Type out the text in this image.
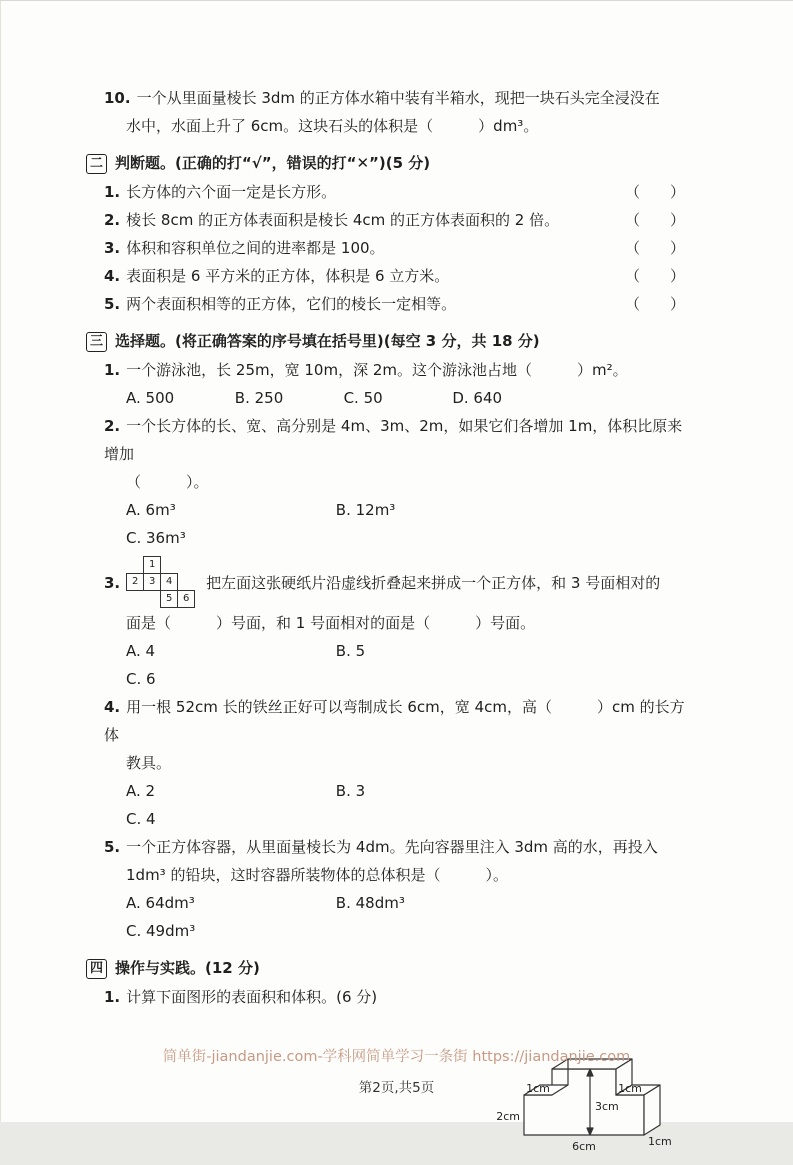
10. 一个从里面量棱长 3dm 的正方体水箱中装有半箱水，现把一块石头完全浸没在
水中，水面上升了 6cm。这块石头的体积是（　　　）dm³。
二 判断题。(正确的打“√”，错误的打“✕”)(5 分)
1. 长方体的六个面一定是长方形。	（　　）
2. 棱长 8cm 的正方体表面积是棱长 4cm 的正方体表面积的 2 倍。	（　　）
3. 体积和容积单位之间的进率都是 100。	（　　）
4. 表面积是 6 平方米的正方体，体积是 6 立方米。	（　　）
5. 两个表面积相等的正方体，它们的棱长一定相等。	（　　）
三 选择题。(将正确答案的序号填在括号里)(每空 3 分，共 18 分)
1. 一个游泳池，长 25m，宽 10m，深 2m。这个游泳池占地（　　　）m²。
A. 500	B. 250	C. 50	D. 640
2. 一个长方体的长、宽、高分别是 4m、3m、2m，如果它们各增加 1m，体积比原来增加
（　　　）。
A. 6m³	B. 12m³ C. 36m³
3.
1
2	3	4
5	6
把左面这张硬纸片沿虚线折叠起来拼成一个正方体，和 3 号面相对的
面是（　　　）号面，和 1 号面相对的面是（　　　）号面。
A. 4	B. 5 C. 6
4. 用一根 52cm 长的铁丝正好可以弯制成长 6cm，宽 4cm，高（　　　）cm 的长方体
教具。
A. 2	B. 3 C. 4
5. 一个正方体容器，从里面量棱长为 4dm。先向容器里注入 3dm 高的水，再投入
1dm³ 的铅块，这时容器所装物体的总体积是（　　　）。
A. 64dm³	B. 48dm³ C. 49dm³
四 操作与实践。(12 分)
1. 计算下面图形的表面积和体积。(6 分)
2cm
1cm
3cm
1cm
6cm	1cm
简单街-jiandanjie.com-学科网简单学习一条街 https://jiandanjie.com
第2页,共5页
